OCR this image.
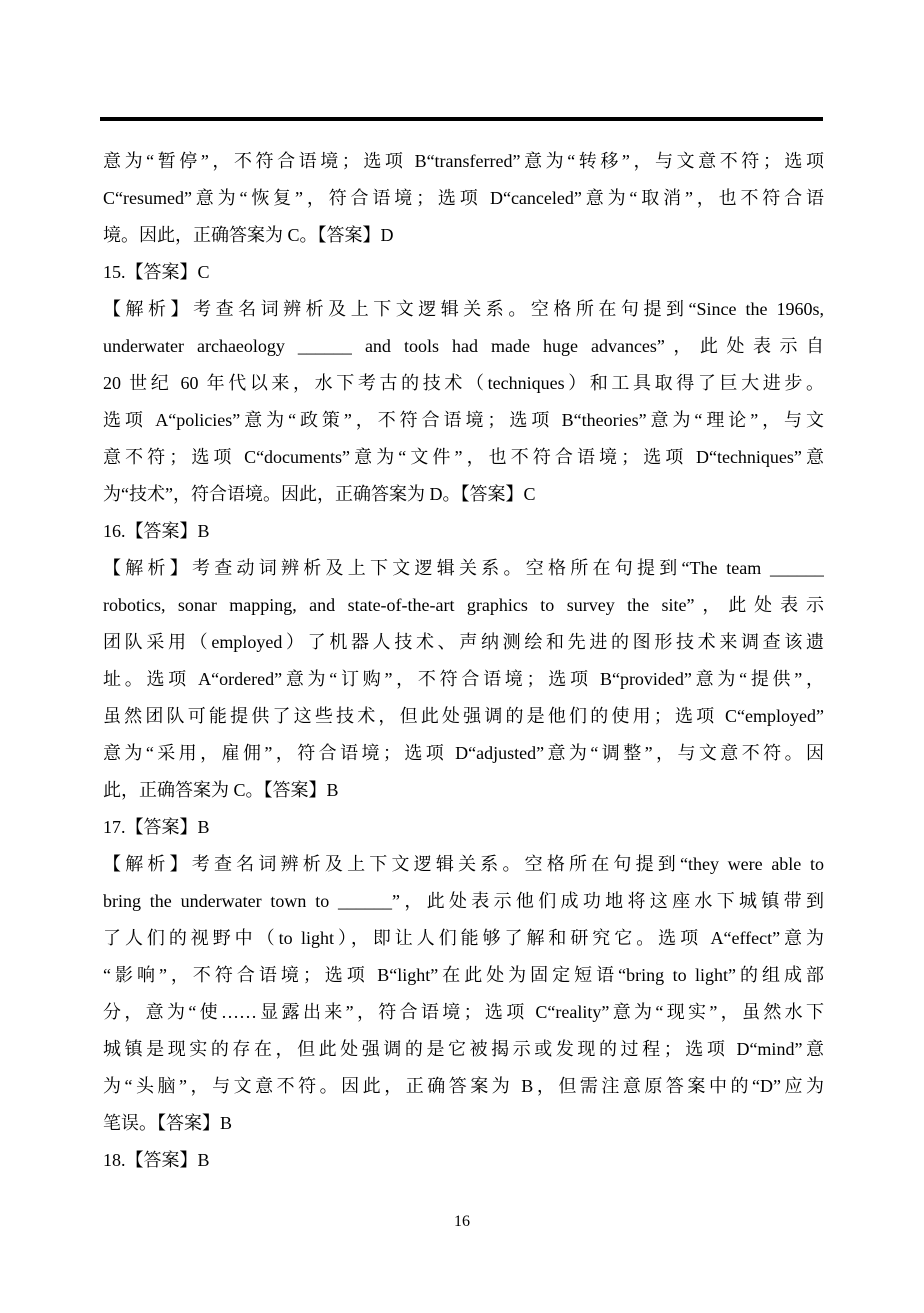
意为“暂停”，不符合语境；选项 B“transferred”意为“转移”，与文意不符；选项
C“resumed”意为“恢复”，符合语境；选项 D“canceled”意为“取消”，也不符合语
境。因此，正确答案为 C。【答案】D
15.【答案】C
【解析】考查名词辨析及上下文逻辑关系。空格所在句提到“Since the 1960s,
underwater archaeology ______ and tools had made huge advances”，此处表示自
20 世纪 60 年代以来，水下考古的技术（techniques）和工具取得了巨大进步。
选项 A“policies”意为“政策”，不符合语境；选项 B“theories”意为“理论”，与文
意不符；选项 C“documents”意为“文件”，也不符合语境；选项 D“techniques”意
为“技术”，符合语境。因此，正确答案为 D。【答案】C
16.【答案】B
【解析】考查动词辨析及上下文逻辑关系。空格所在句提到“The team ______
robotics, sonar mapping, and state-of-the-art graphics to survey the site”，此处表示
团队采用（employed）了机器人技术、声纳测绘和先进的图形技术来调查该遗
址。选项 A“ordered”意为“订购”，不符合语境；选项 B“provided”意为“提供”，
虽然团队可能提供了这些技术，但此处强调的是他们的使用；选项 C“employed”
意为“采用，雇佣”，符合语境；选项 D“adjusted”意为“调整”，与文意不符。因
此，正确答案为 C。【答案】B
17.【答案】B
【解析】考查名词辨析及上下文逻辑关系。空格所在句提到“they were able to
bring the underwater town to ______”，此处表示他们成功地将这座水下城镇带到
了人们的视野中（to light），即让人们能够了解和研究它。选项 A“effect”意为
“影响”，不符合语境；选项 B“light”在此处为固定短语“bring to light”的组成部
分，意为“使……显露出来”，符合语境；选项 C“reality”意为“现实”，虽然水下
城镇是现实的存在，但此处强调的是它被揭示或发现的过程；选项 D“mind”意
为“头脑”，与文意不符。因此，正确答案为 B，但需注意原答案中的“D”应为
笔误。【答案】B
18.【答案】B
16
